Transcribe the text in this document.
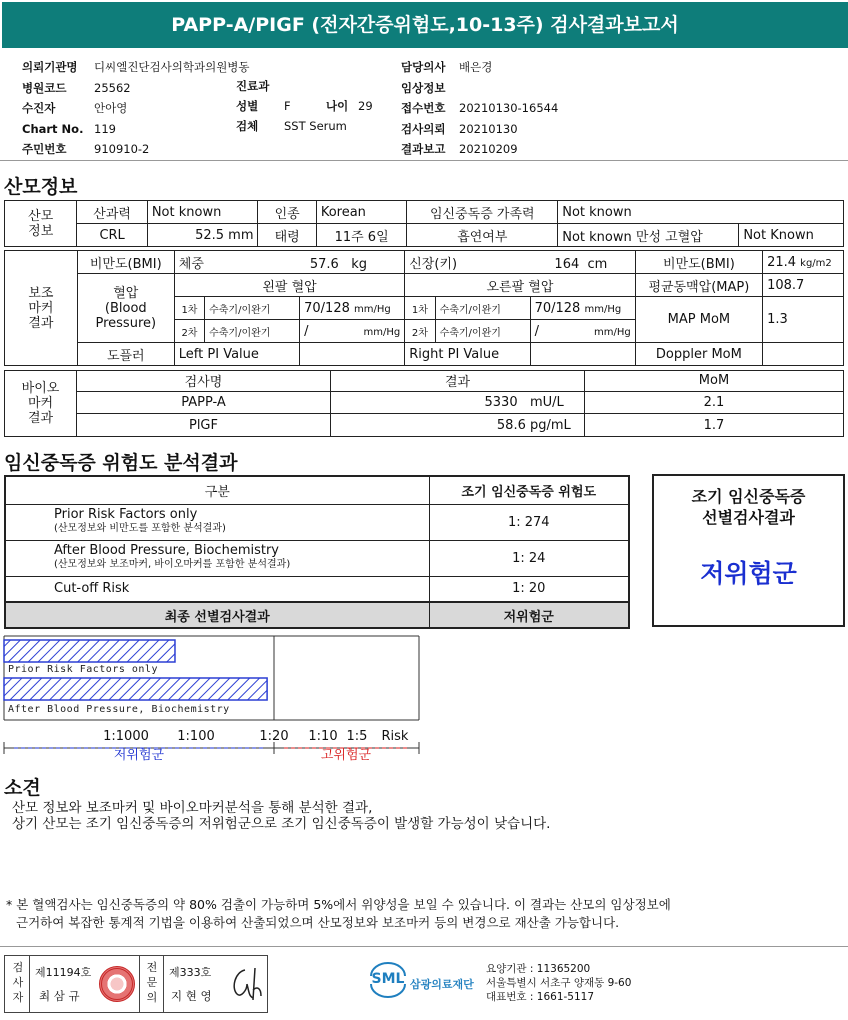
PAPP-A/PIGF (전자간증위험도,10-13주) 검사결과보고서
의뢰기관명 디씨엘진단검사의학과의원병동
병원코드 25562
수진자	안아영
Chart No. 119
주민번호 910910-2
진료과
성별 F	나이 29
검체 SST Serum
담당의사 배은경
임상정보
접수번호 20210130-16544
검사의뢰 20210130
결과보고 20210209
산모정보
산모
정보	산과력	Not known	인종	Korean	임신중독증 가족력	Not known	
	CRL	52.5 mm	태령	11주 6일	흡연여부	Not known 만성 고혈압	Not Known
보조
마커
결과	비만도(BMI)	체중 57.6 kg			신장(키) 164 cm			비만도(BMI)	21.4 kg/m2
	혈압
(Blood
Pressure)	왼팔 혈압			오른팔 혈압			평균동맥압(MAP)	108.7
		1차	수축기/이완기	70/128 mm/Hg	1차	수축기/이완기	70/128 mm/Hg	MAP MoM	1.3
		2차	수축기/이완기	/ mm/Hg	2차	수축기/이완기	/ mm/Hg		

	도플러	Left PI Value			Right PI Value			Doppler MoM	
바이오
마커
결과	검사명	결과	MoM
	PAPP-A	5330 mU/L	2.1
	PlGF	58.6 pg/mL	1.7
임신중독증 위험도 분석결과
구분	조기 임신중독증 위험도

Prior Risk Factors only
(산모정보와 비만도를 포함한 분석결과)	1: 274

After Blood Pressure, Biochemistry
(산모정보와 보조마커, 바이오마커를 포함한 분석결과)	1: 24
Cut-off Risk	1: 20
최종 선별검사결과	저위험군
조기 임신중독증
선별검사결과
저위험군
Prior Risk Factors only
After Blood Pressure, Biochemistry
1:1000 1:100	1:20 1:10 1:5 Risk
저위험군	고위험군
소견
산모 정보와 보조마커 및 바이오마커분석을 통해 분석한 결과,
상기 산모는 조기 임신중독증의 저위험군으로 조기 임신중독증이 발생할 가능성이 낮습니다.
* 본 혈액검사는 임신중독증의 약 80% 검출이 가능하며 5%에서 위양성을 보일 수 있습니다. 이 결과는 산모의 임상정보에
근거하여 복잡한 통계적 기법을 이용하여 산출되었으며 산모정보와 보조마커 등의 변경으로 재산출 가능합니다.
검
사
자
제11194호
최 삼 규
전
문
의
제333호
지 현 영
SML 삼광의료재단
요양기관 : 11365200
서울특별시 서초구 양재동 9-60
대표번호 : 1661-5117
